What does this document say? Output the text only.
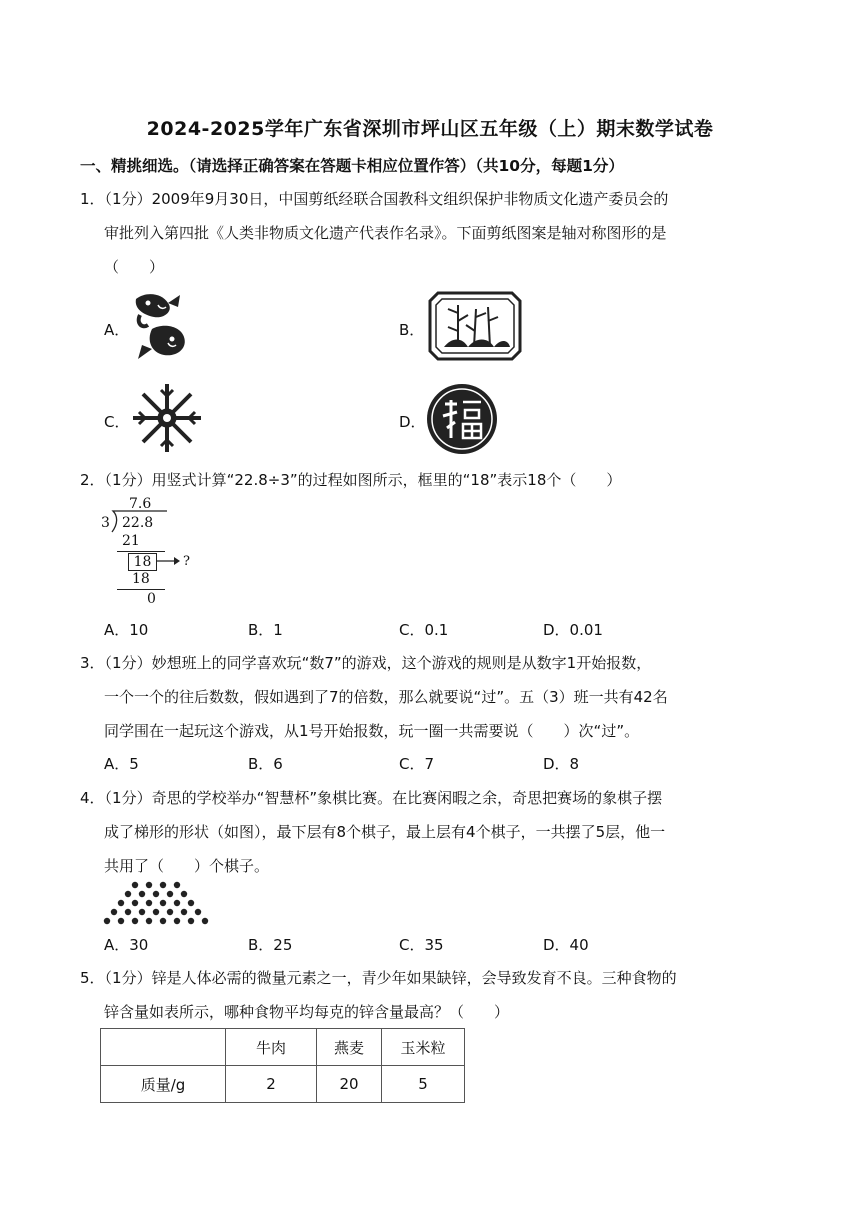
2024-2025学年广东省深圳市坪山区五年级（上）期末数学试卷
一、精挑细选。（请选择正确答案在答题卡相应位置作答）（共10分，每题1分）
1．（1分）2009年9月30日，中国剪纸经联合国教科文组织保护非物质文化遗产委员会的
审批列入第四批《人类非物质文化遗产代表作名录》。下面剪纸图案是轴对称图形的是
（　　）
A．	B．
C．	D．
2．（1分）用竖式计算“22.8÷3”的过程如图所示，框里的“18”表示18个（　　）
7.6
3 22.8
21
18	?
18
0
A．10	B．1	C．0.1	D．0.01
3．（1分）妙想班上的同学喜欢玩“数7”的游戏，这个游戏的规则是从数字1开始报数，
一个一个的往后数数，假如遇到了7的倍数，那么就要说“过”。五（3）班一共有42名
同学围在一起玩这个游戏，从1号开始报数，玩一圈一共需要说（　　）次“过”。
A．5	B．6	C．7	D．8
4．（1分）奇思的学校举办“智慧杯”象棋比赛。在比赛闲暇之余，奇思把赛场的象棋子摆
成了梯形的形状（如图），最下层有8个棋子，最上层有4个棋子，一共摆了5层，他一
共用了（　　）个棋子。
A．30	B．25	C．35	D．40
5．（1分）锌是人体必需的微量元素之一，青少年如果缺锌，会导致发育不良。三种食物的
锌含量如表所示，哪种食物平均每克的锌含量最高？（　　）
	牛肉	燕麦	玉米粒
质量/g	2	20	5
